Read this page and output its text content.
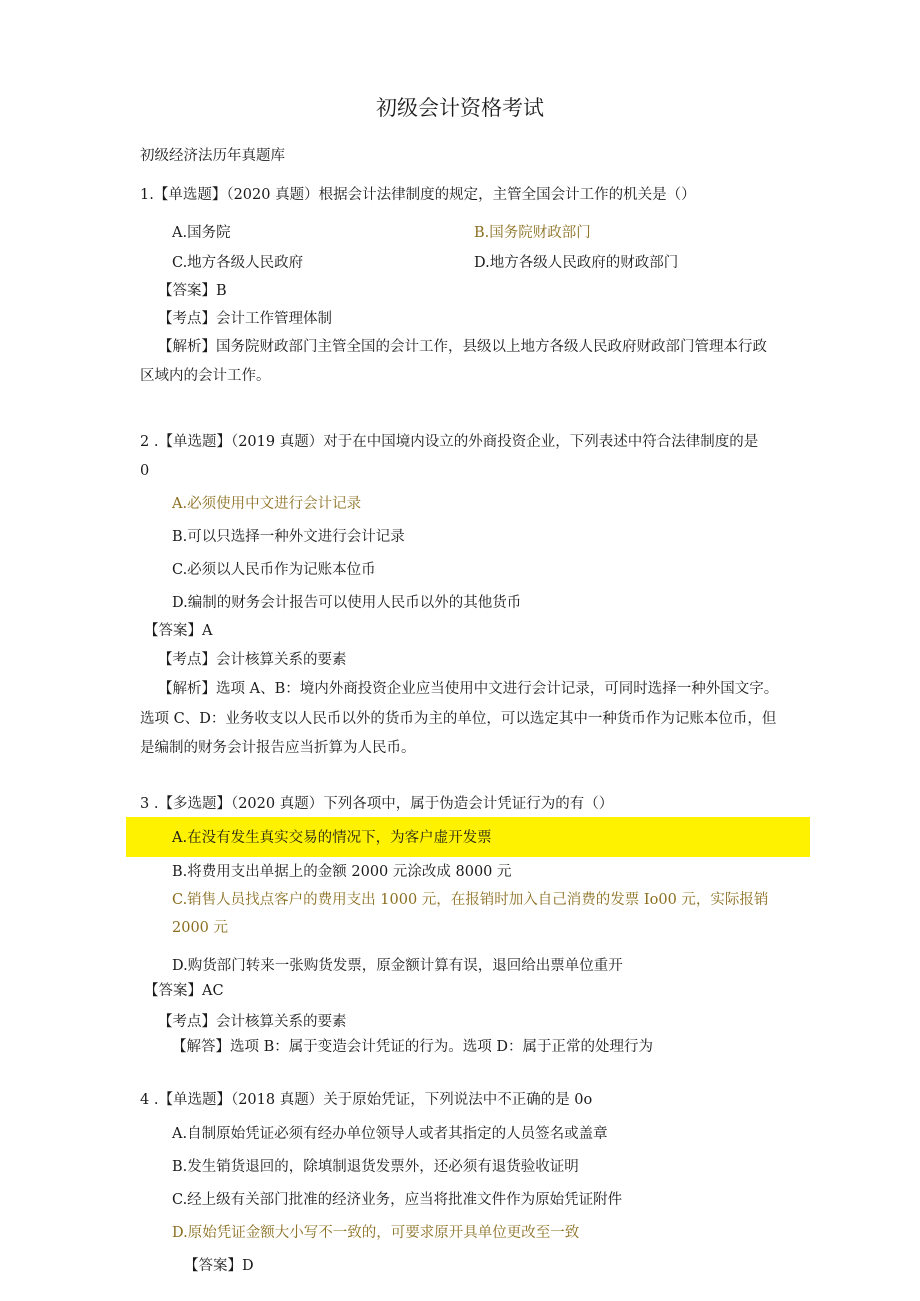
初级会计资格考试
初级经济法历年真题库
1.【单选题】（2020 真题）根据会计法律制度的规定，主管全国会计工作的机关是（）
A.国务院	B.国务院财政部门
C.地方各级人民政府	D.地方各级人民政府的财政部门
【答案】B
【考点】会计工作管理体制
【解析】国务院财政部门主管全国的会计工作，县级以上地方各级人民政府财政部门管理本行政
区域内的会计工作。
2 .【单选题】（2019 真题）对于在中国境内设立的外商投资企业，下列表述中符合法律制度的是
0
A.必须使用中文进行会计记录
B.可以只选择一种外文进行会计记录
C.必须以人民币作为记账本位币
D.编制的财务会计报告可以使用人民币以外的其他货币
【答案】A
【考点】会计核算关系的要素
【解析】选项 A、B：境内外商投资企业应当使用中文进行会计记录，可同时选择一种外国文字。
选项 C、D：业务收支以人民币以外的货币为主的单位，可以选定其中一种货币作为记账本位币，但
是编制的财务会计报告应当折算为人民币。
3 .【多选题】（2020 真题）下列各项中，属于伪造会计凭证行为的有（）
A.在没有发生真实交易的情况下，为客户虚开发票
B.将费用支出单据上的金额 2000 元涂改成 8000 元
C.销售人员找点客户的费用支出 1000 元，在报销时加入自己消费的发票 Io00 元，实际报销
2000 元
D.购货部门转来一张购货发票，原金额计算有误，退回给出票单位重开
【答案】AC
【考点】会计核算关系的要素
【解答】选项 B：属于变造会计凭证的行为。选项 D：属于正常的处理行为
4 .【单选题】（2018 真题）关于原始凭证，下列说法中不正确的是 0o
A.自制原始凭证必须有经办单位领导人或者其指定的人员签名或盖章
B.发生销货退回的，除填制退货发票外，还必须有退货验收证明
C.经上级有关部门批准的经济业务，应当将批准文件作为原始凭证附件
D.原始凭证金额大小写不一致的，可要求原开具单位更改至一致
【答案】D
